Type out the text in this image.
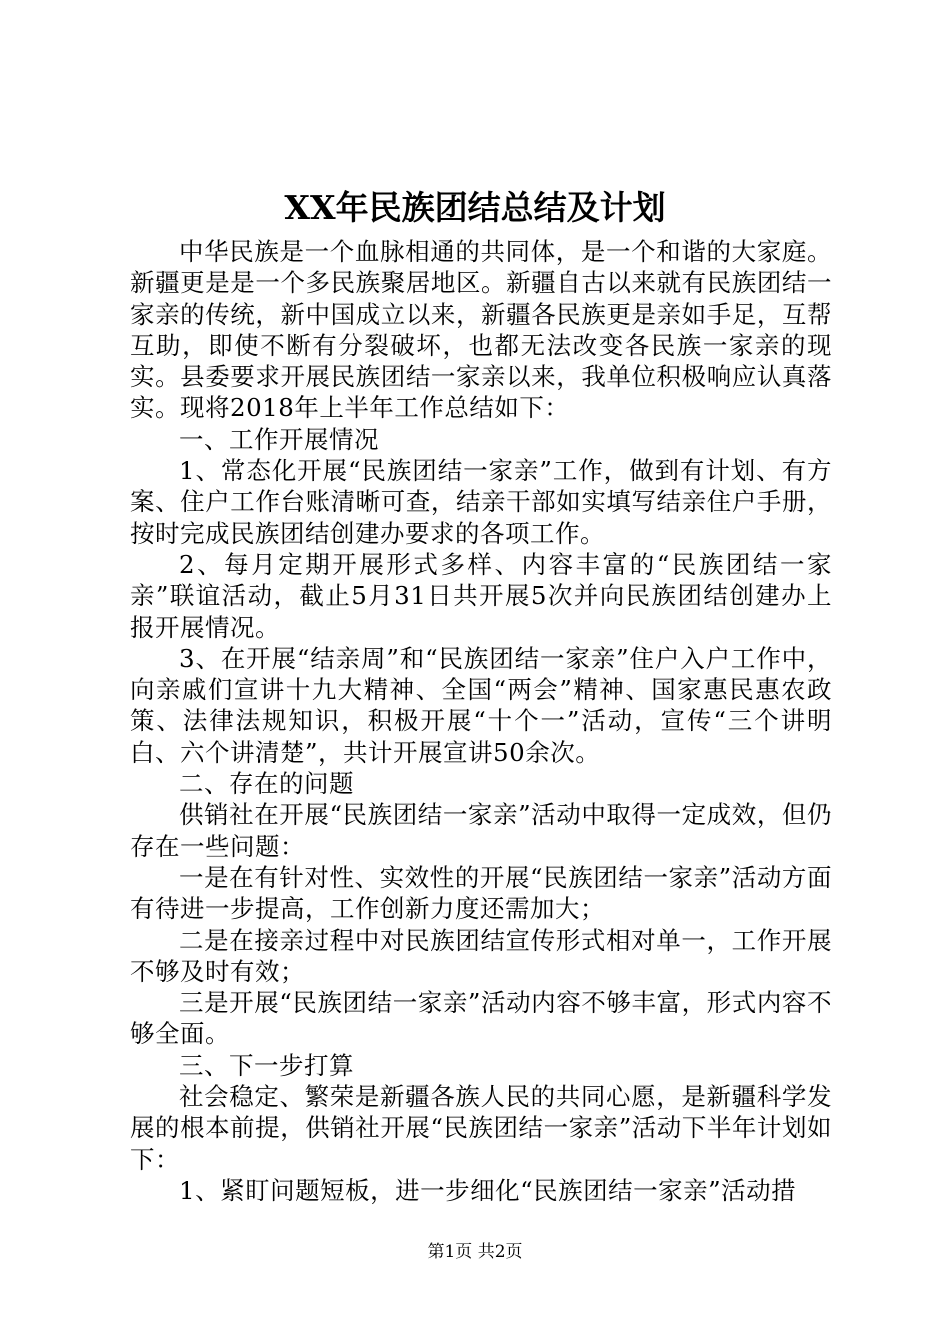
XX年民族团结总结及计划

中华民族是一个血脉相通的共同体，是一个和谐的大家庭。新疆更是是一个多民族聚居地区。新疆自古以来就有民族团结一家亲的传统，新中国成立以来，新疆各民族更是亲如手足，互帮互助，即使不断有分裂破坏，也都无法改变各民族一家亲的现实。县委要求开展民族团结一家亲以来，我单位积极响应认真落实。现将2018年上半年工作总结如下：

一、工作开展情况

1、常态化开展“民族团结一家亲”工作，做到有计划、有方案、住户工作台账清晰可查，结亲干部如实填写结亲住户手册，按时完成民族团结创建办要求的各项工作。

2、每月定期开展形式多样、内容丰富的“民族团结一家亲”联谊活动，截止5月31日共开展5次并向民族团结创建办上报开展情况。

3、在开展“结亲周”和“民族团结一家亲”住户入户工作中，向亲戚们宣讲十九大精神、全国“两会”精神、国家惠民惠农政策、法律法规知识，积极开展“十个一”活动，宣传“三个讲明白、六个讲清楚”，共计开展宣讲50余次。

二、存在的问题

供销社在开展“民族团结一家亲”活动中取得一定成效，但仍存在一些问题：

一是在有针对性、实效性的开展“民族团结一家亲”活动方面有待进一步提高，工作创新力度还需加大；

二是在接亲过程中对民族团结宣传形式相对单一，工作开展不够及时有效；

三是开展“民族团结一家亲”活动内容不够丰富，形式内容不够全面。

三、下一步打算

社会稳定、繁荣是新疆各族人民的共同心愿，是新疆科学发展的根本前提，供销社开展“民族团结一家亲”活动下半年计划如下：

1、紧盯问题短板，进一步细化“民族团结一家亲”活动措

第1页 共2页
